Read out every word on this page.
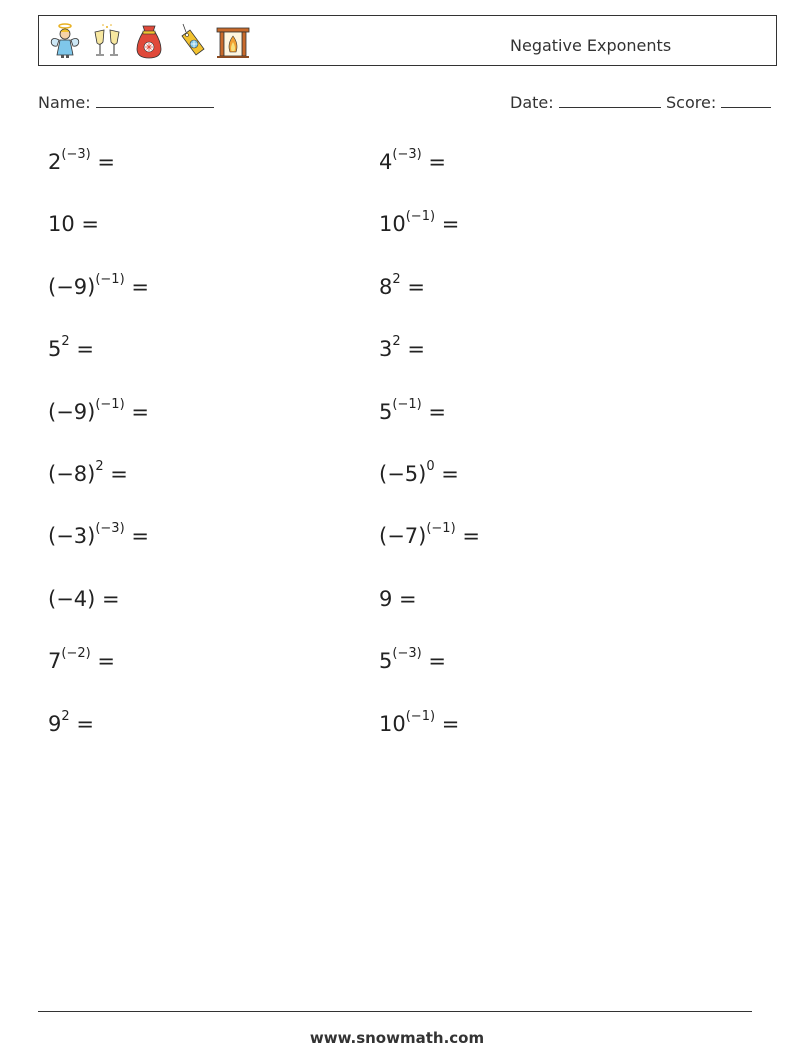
Negative Exponents
Name:	Date:	Score:
$2^{(-3)}$ =	$4^{(-3)}$ =
10 =	$10^{(-1)}$ =
$(-9)^{(-1)}$ =	$8^2$ =
$5^2$ =	$3^2$ =
$(-9)^{(-1)}$ =	$5^{(-1)}$ =
$(-8)^2$ =	$(-5)^0$ =
$(-3)^{(-3)}$ =	$(-7)^{(-1)}$ =
(−4) =	9 =
$7^{(-2)}$ =	$5^{(-3)}$ =
$9^2$ =	$10^{(-1)}$ =
www.snowmath.com
